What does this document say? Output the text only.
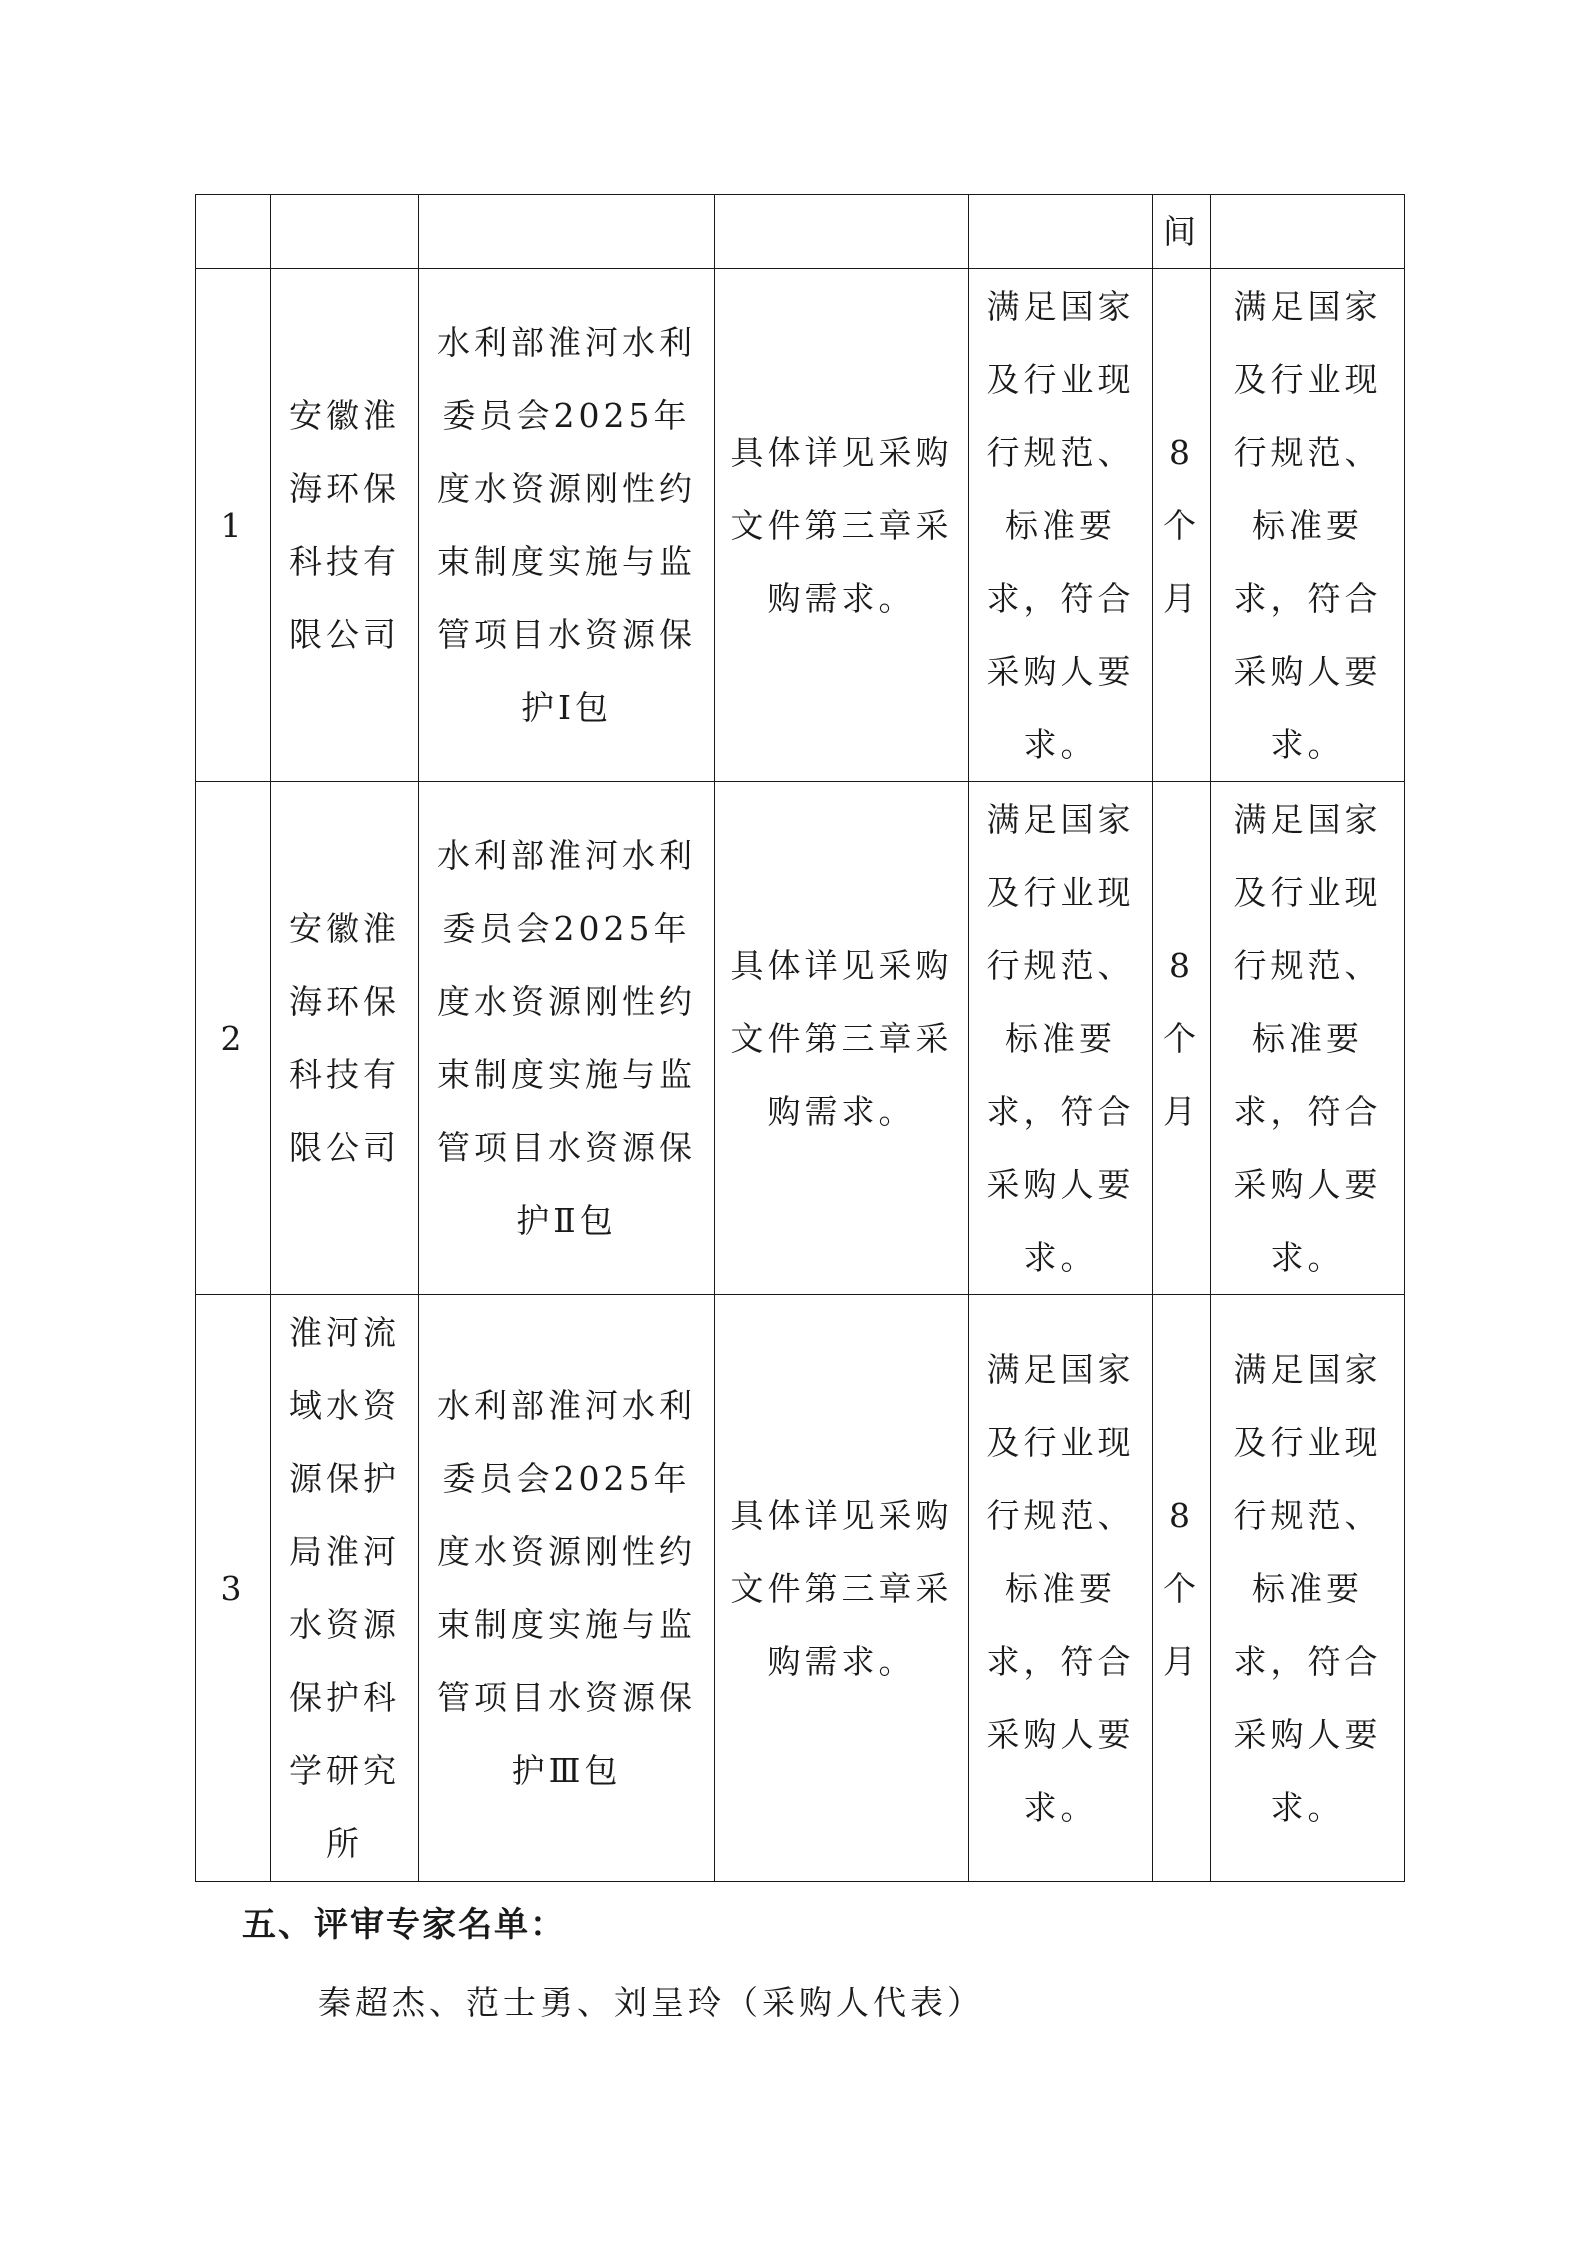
					间	

1	安徽淮海环保科技有限公司	水利部淮河水利委员会2025年度水资源刚性约束制度实施与监管项目水资源保护Ⅰ包	具体详见采购文件第三章采购需求。	满足国家及行业现行规范、标准要求，符合采购人要求。	8个月	满足国家及行业现行规范、标准要求，符合采购人要求。

2	安徽淮海环保科技有限公司	水利部淮河水利委员会2025年度水资源刚性约束制度实施与监管项目水资源保护Ⅱ包	具体详见采购文件第三章采购需求。	满足国家及行业现行规范、标准要求，符合采购人要求。	8个月	满足国家及行业现行规范、标准要求，符合采购人要求。

3	淮河流域水资源保护局淮河水资源保护科学研究所	水利部淮河水利委员会2025年度水资源刚性约束制度实施与监管项目水资源保护Ⅲ包	具体详见采购文件第三章采购需求。	满足国家及行业现行规范、标准要求，符合采购人要求。	8个月	满足国家及行业现行规范、标准要求，符合采购人要求。

五、评审专家名单：

秦超杰、范士勇、刘呈玲（采购人代表）
